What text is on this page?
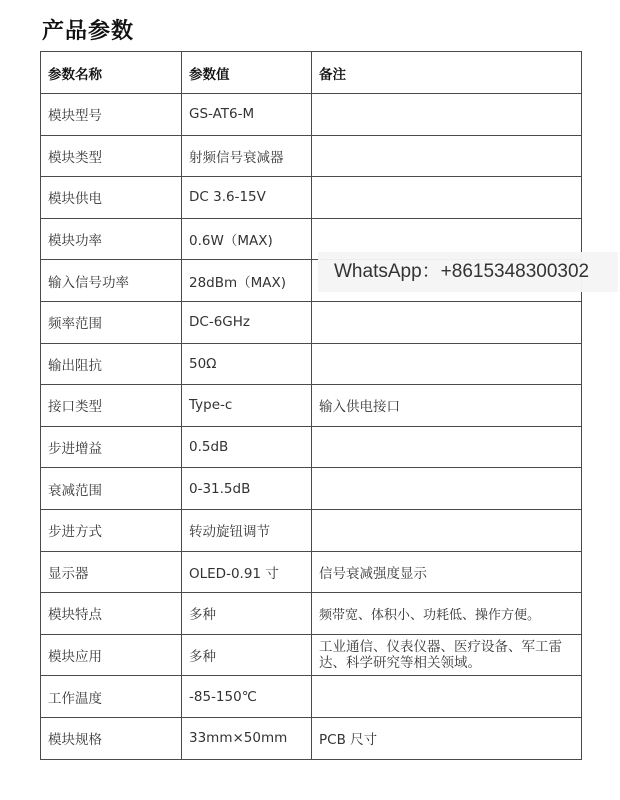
产品参数
参数名称	参数值	备注
模块型号	GS-AT6-M	
模块类型	射频信号衰减器	
模块供电	DC 3.6-15V	
模块功率	0.6W（MAX)	
输入信号功率	28dBm（MAX)	
频率范围	DC-6GHz	
输出阻抗	50Ω	
接口类型	Type-c	输入供电接口
步进增益	0.5dB	
衰减范围	0-31.5dB	
步进方式	转动旋钮调节	
显示器	OLED-0.91 寸	信号衰减强度显示
模块特点	多种	频带宽、体积小、功耗低、操作方便。
模块应用	多种	工业通信、仪表仪器、医疗设备、军工雷达、科学研究等相关领域。
工作温度	-85-150℃	
模块规格	33mm×50mm	PCB 尺寸
WhatsApp：+8615348300302
